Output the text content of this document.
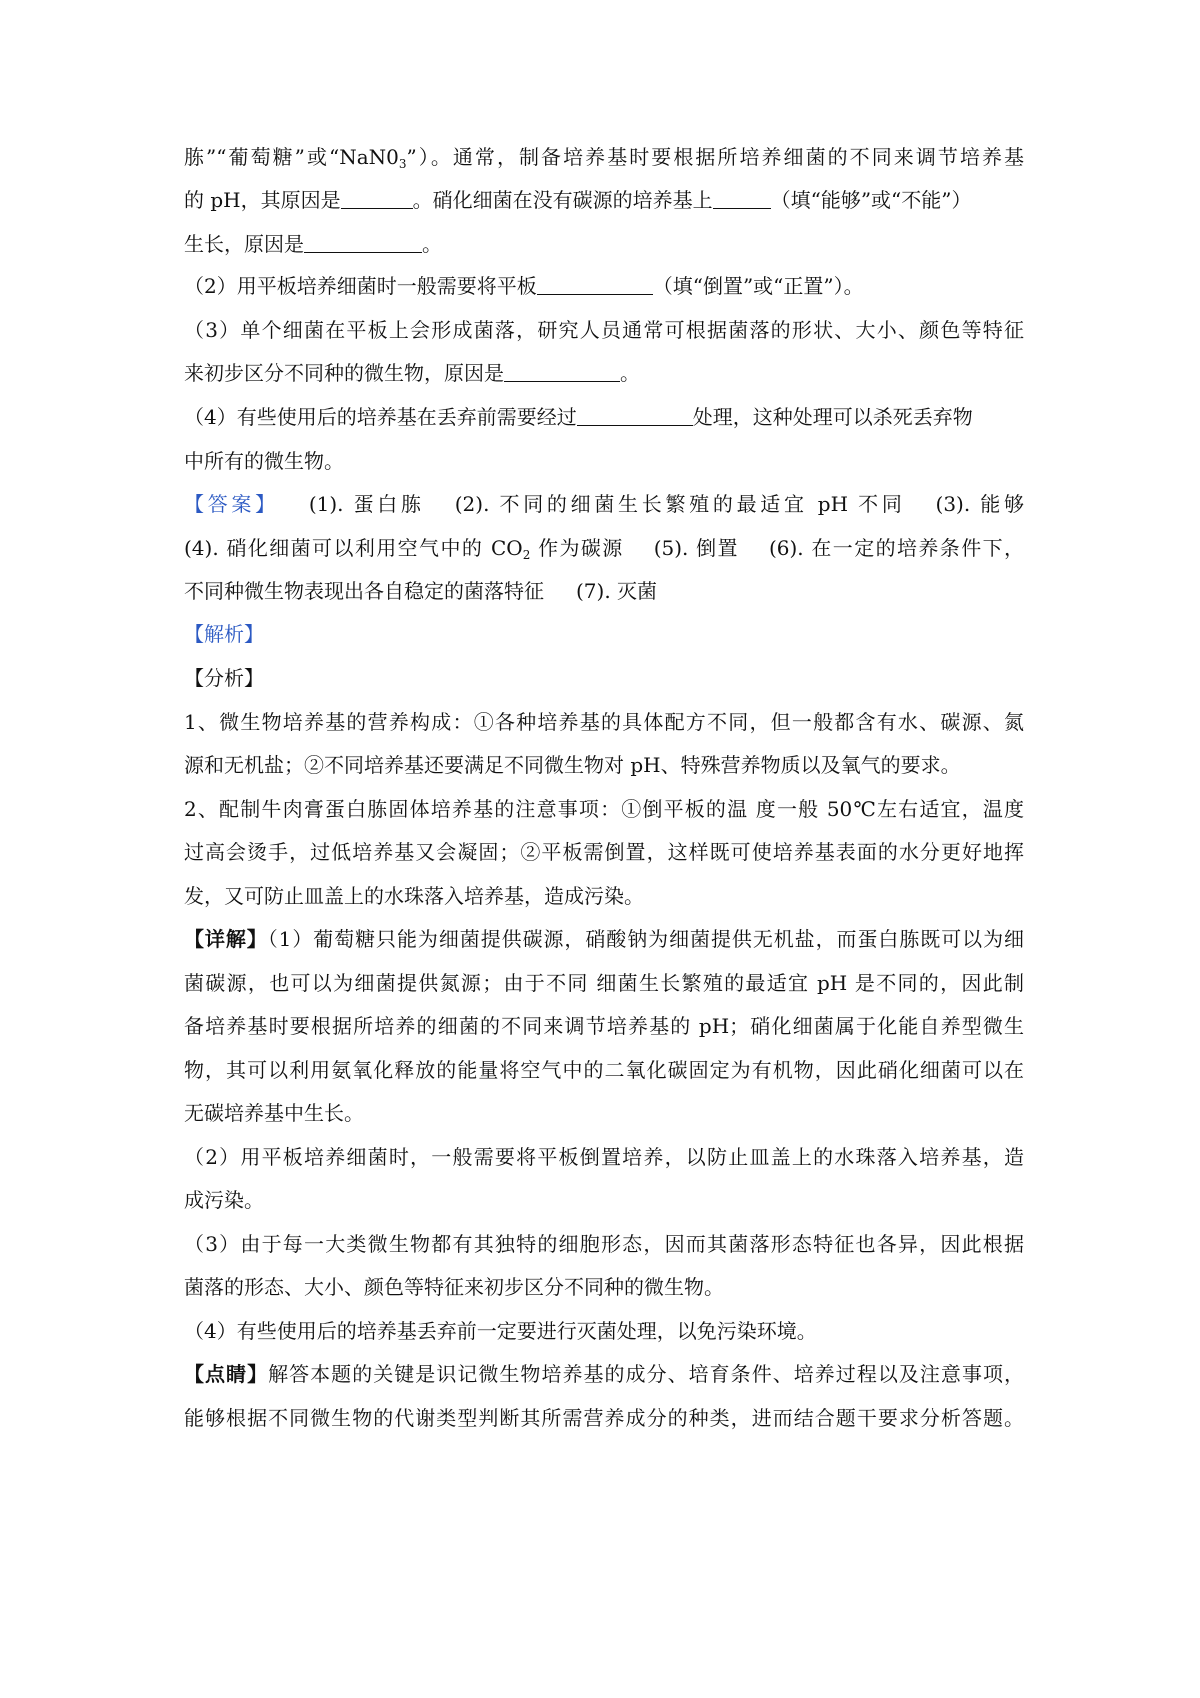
胨”“葡萄糖”或“$NaN0_3$”）。通常，制备培养基时要根据所培养细菌的不同来调节培养基
的 pH，其原因是	。硝化细菌在没有碳源的培养基上	（填“能够”或“不能”）
生长，原因是	。
（2）用平板培养细菌时一般需要将平板	（填“倒置”或“正置”）。
（3）单个细菌在平板上会形成菌落，研究人员通常可根据菌落的形状、大小、颜色等特征
来初步区分不同种的微生物，原因是	。
（4）有些使用后的培养基在丢弃前需要经过	处理，这种处理可以杀死丢弃物
中所有的微生物。
【答案】 (1). 蛋白胨 (2). 不同的细菌生长繁殖的最适宜 pH 不同 (3). 能够
(4). 硝化细菌可以利用空气中的 $CO_2$ 作为碳源 (5). 倒置 (6). 在一定的培养条件下，
不同种微生物表现出各自稳定的菌落特征 (7). 灭菌
【解析】
【分析】
1、微生物培养基的营养构成：①各种培养基的具体配方不同，但一般都含有水、碳源、氮
源和无机盐；②不同培养基还要满足不同微生物对 pH、特殊营养物质以及氧气的要求。
2、配制牛肉膏蛋白胨固体培养基的注意事项：①倒平板的温 度一般 50℃左右适宜，温度
过高会烫手，过低培养基又会凝固；②平板需倒置，这样既可使培养基表面的水分更好地挥
发，又可防止皿盖上的水珠落入培养基，造成污染。
【详解】（1）葡萄糖只能为细菌提供碳源，硝酸钠为细菌提供无机盐，而蛋白胨既可以为细
菌碳源，也可以为细菌提供氮源；由于不同 细菌生长繁殖的最适宜 pH 是不同的，因此制
备培养基时要根据所培养的细菌的不同来调节培养基的 pH；硝化细菌属于化能自养型微生
物，其可以利用氨氧化释放的能量将空气中的二氧化碳固定为有机物，因此硝化细菌可以在
无碳培养基中生长。
（2）用平板培养细菌时，一般需要将平板倒置培养，以防止皿盖上的水珠落入培养基，造
成污染。
（3）由于每一大类微生物都有其独特的细胞形态，因而其菌落形态特征也各异，因此根据
菌落的形态、大小、颜色等特征来初步区分不同种的微生物。
（4）有些使用后的培养基丢弃前一定要进行灭菌处理，以免污染环境。
【点睛】解答本题的关键是识记微生物培养基的成分、培育条件、培养过程以及注意事项，
能够根据不同微生物的代谢类型判断其所需营养成分的种类，进而结合题干要求分析答题。
